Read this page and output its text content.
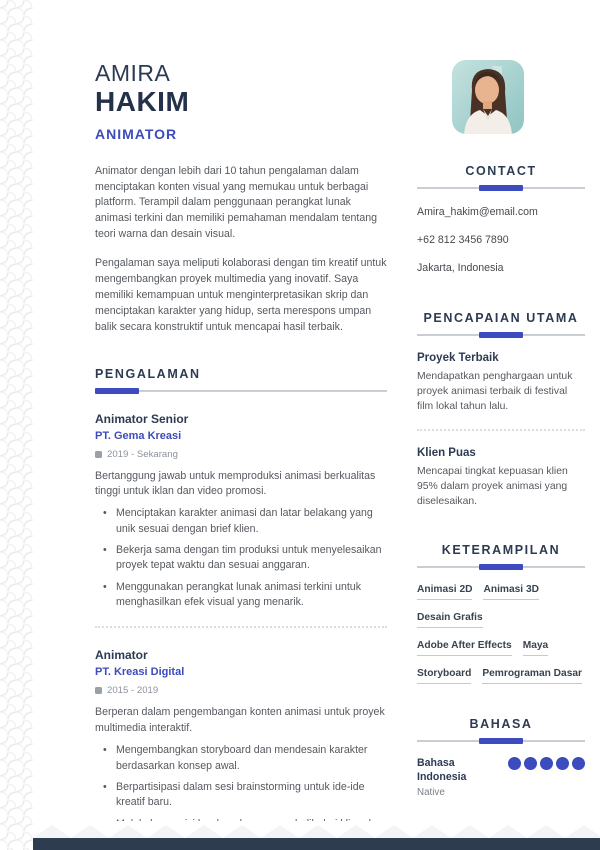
AMIRA
HAKIM
ANIMATOR

Animator dengan lebih dari 10 tahun pengalaman dalam menciptakan konten visual yang memukau untuk berbagai platform. Terampil dalam penggunaan perangkat lunak animasi terkini dan memiliki pemahaman mendalam tentang teori warna dan desain visual.

Pengalaman saya meliputi kolaborasi dengan tim kreatif untuk mengembangkan proyek multimedia yang inovatif. Saya memiliki kemampuan untuk menginterpretasikan skrip dan menciptakan karakter yang hidup, serta merespons umpan balik secara konstruktif untuk mencapai hasil terbaik.

PENGALAMAN
Animator Senior
PT. Gema Kreasi
2019 - Sekarang

Bertanggung jawab untuk memproduksi animasi berkualitas tinggi untuk iklan dan video promosi.

• Menciptakan karakter animasi dan latar belakang yang unik sesuai dengan brief klien.
• Bekerja sama dengan tim produksi untuk menyelesaikan proyek tepat waktu dan sesuai anggaran.
• Menggunakan perangkat lunak animasi terkini untuk menghasilkan efek visual yang menarik.
Animator
PT. Kreasi Digital
2015 - 2019

Berperan dalam pengembangan konten animasi untuk proyek multimedia interaktif.

• Mengembangkan storyboard dan mendesain karakter berdasarkan konsep awal.
• Berpartisipasi dalam sesi brainstorming untuk ide-ide kreatif baru.
•
CONTACT
Amira_hakim@email.com
+62 812 3456 7890
Jakarta, Indonesia
PENCAPAIAN UTAMA
Proyek Terbaik
Mendapatkan penghargaan untuk proyek animasi terbaik di festival film lokal tahun lalu.
Klien Puas
Mencapai tingkat kepuasan klien 95% dalam proyek animasi yang diselesaikan.
KETERAMPILAN
Animasi 2D Animasi 3D
Desain Grafis
Adobe After Effects Maya
Storyboard Pemrograman Dasar
BAHASA
Bahasa Indonesia
Native
